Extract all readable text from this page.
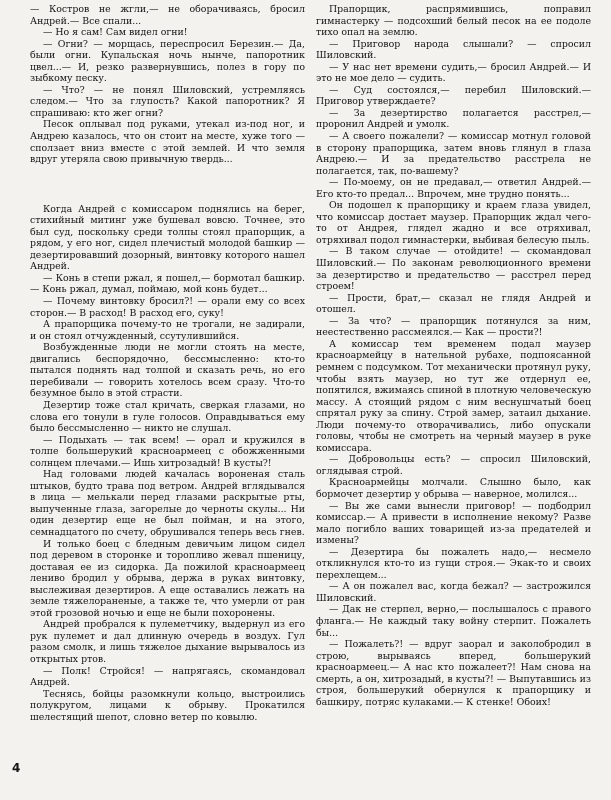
— Костров не жгли,— не оборачиваясь, бросил Андрей.— Все спали...

— Но я сам! Сам видел огни!

— Огни? — морщась, переспросил Березин.— Да, были огни. Купальская ночь нынче, папоротник цвел...— И, резко развернувшись, полез в гору по зыбкому песку.

— Что? — не понял Шиловский, устремляясь следом.— Что за глупость? Какой папоротник? Я спрашиваю: кто жег огни?

Песок оплывал под руками, утекал из-под ног, и Андрею казалось, что он стоит на месте, хуже того — сползает вниз вместе с этой землей. И что земля вдруг утеряла свою привычную твердь...

Когда Андрей с комиссаром поднялись на берег, стихийный митинг уже бушевал вовсю. Точнее, это был суд, поскольку среди толпы стоял прапорщик, а рядом, у его ног, сидел плечистый молодой башкир — дезертировавший дозорный, винтовку которого нашел Андрей.

— Конь в степи ржал, я пошел,— бормотал башкир.— Конь ржал, думал, поймаю, мой конь будет...

— Почему винтовку бросил?! — орали ему со всех сторон.— В расход! В расход его, суку!

А прапорщика почему-то не трогали, не задирали, и он стоял отчужденный, ссутулившийся.

Возбужденные люди не могли стоять на месте, двигались беспорядочно, бессмысленно: кто-то пытался поднять над толпой и сказать речь, но его перебивали — говорить хотелось всем сразу. Что-то безумное было в этой страсти.

Дезертир тоже стал кричать, сверкая глазами, но слова его тонули в гуле голосов. Оправдываться ему было бессмысленно — никто не слушал.

— Подыхать — так всем! — орал и кружился в толпе большерукий красноармеец с обожженными солнцем плечами.— Ишь хитрозадый! В кусты?!

Над головами людей качалась вороненая сталь штыков, будто трава под ветром. Андрей вглядывался в лица — мелькали перед глазами раскрытые рты, выпученные глаза, загорелые до черноты скулы... Ни один дезертир еще не был пойман, и на этого, семнадцатого по счету, обрушивался теперь весь гнев.

И только боец с бледным девичьим лицом сидел под деревом в сторонке и торопливо жевал пшеницу, доставая ее из сидорка. Да пожилой красноармеец лениво бродил у обрыва, держа в руках винтовку, выслеживая дезертиров. А еще оставались лежать на земле тяжелораненые, а также те, что умерли от ран этой грозовой ночью и еще не были похоронены.

Андрей пробрался к пулеметчику, выдернул из его рук пулемет и дал длинную очередь в воздух. Гул разом смолк, и лишь тяжелое дыхание вырывалось из открытых ртов.

— Полк! Стройся! — напрягаясь, скомандовал Андрей.

Теснясь, бойцы разомкнули кольцо, выстроились полукругом, лицами к обрыву. Прокатился шелестящий шепот, словно ветер по ковылю.

Прапорщик, распрямившись, поправил гимнастерку — подсохший белый песок на ее подоле тихо опал на землю.

— Приговор народа слышали? — спросил Шиловский.

— У нас нет времени судить,— бросил Андрей.— И это не мое дело — судить.

— Суд состоялся,— перебил Шиловский.— Приговор утверждаете?

— За дезертирство полагается расстрел,— проронил Андрей и умолк.

— А своего пожалели? — комиссар мотнул головой в сторону прапорщика, затем вновь глянул в глаза Андрею.— И за предательство расстрела не полагается, так, по-вашему?

— По-моему, он не предавал,— ответил Андрей.— Его кто-то предал... Впрочем, мне трудно понять...

Он подошел к прапорщику и краем глаза увидел, что комиссар достает маузер. Прапорщик ждал чего-то от Андрея, глядел жадно и все отряхивал, отряхивал подол гимнастерки, выбивая белесую пыль.

— В таком случае — отойдите! — скомандовал Шиловский.— По законам революционного времени за дезертирство и предательство — расстрел перед строем!

— Прости, брат,— сказал не глядя Андрей и отошел.

— За что? — прапорщик потянулся за ним, неестественно рассмеялся.— Как — прости?!

А комиссар тем временем подал маузер красноармейцу в нательной рубахе, подпоясанной ремнем с подсумком. Тот механически протянул руку, чтобы взять маузер, но тут же отдернул ее, попятился, вжимаясь спиной в плотную человеческую массу. А стоящий рядом с ним веснушчатый боец спрятал руку за спину. Строй замер, затаил дыхание. Люди почему-то отворачивались, либо опускали головы, чтобы не смотреть на черный маузер в руке комиссара.

— Добровольцы есть? — спросил Шиловский, оглядывая строй.

Красноармейцы молчали. Слышно было, как бормочет дезертир у обрыва — наверное, молился...

— Вы же сами вынесли приговор! — подбодрил комиссар.— А привести в исполнение некому? Разве мало погибло ваших товарищей из-за предателей и измены?

— Дезертира бы пожалеть надо,— несмело откликнулся кто-то из гущи строя.— Экак-то и своих перехлещем...

— А он пожалел вас, когда бежал? — застрожился Шиловский.

— Дак не стерпел, верно,— послышалось с правого фланга.— Не каждый таку войну стерпит. Пожалеть бы...

— Пожалеть?! — вдруг заорал и заколобродил в строю, вырываясь вперед, большерукий красноармеец.— А нас кто пожалеет?! Нам снова на смерть, а он, хитрозадый, в кусты?! — Выпутавшись из строя, большерукий обернулся к прапорщику и башкиру, потряс кулаками.— К стенке! Обоих!

4
